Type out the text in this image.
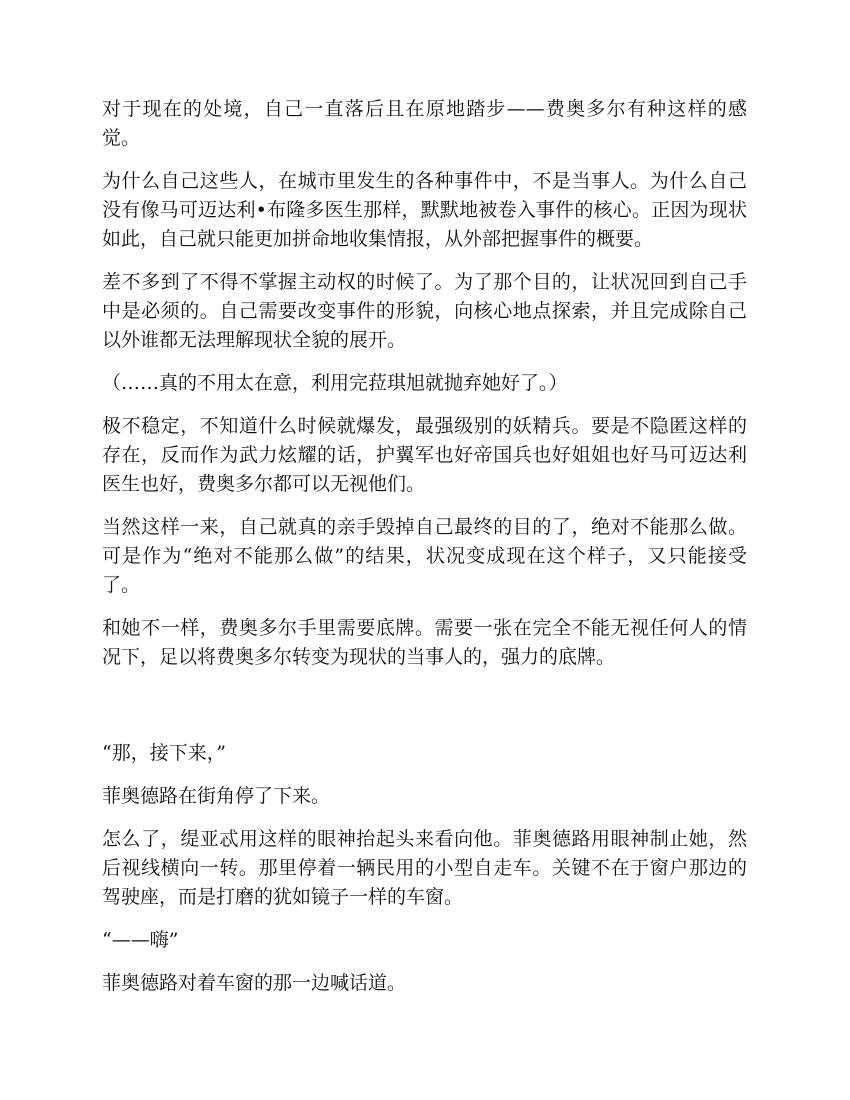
对于现在的处境，自己一直落后且在原地踏步——费奥多尔有种这样的感觉。

为什么自己这些人，在城市里发生的各种事件中，不是当事人。为什么自己没有像马可迈达利•布隆多医生那样，默默地被卷入事件的核心。正因为现状如此，自己就只能更加拼命地收集情报，从外部把握事件的概要。

差不多到了不得不掌握主动权的时候了。为了那个目的，让状况回到自己手中是必须的。自己需要改变事件的形貌，向核心地点探索，并且完成除自己以外谁都无法理解现状全貌的展开。

（……真的不用太在意，利用完菈琪旭就抛弃她好了。）

极不稳定，不知道什么时候就爆发，最强级别的妖精兵。要是不隐匿这样的存在，反而作为武力炫耀的话，护翼军也好帝国兵也好姐姐也好马可迈达利医生也好，费奥多尔都可以无视他们。

当然这样一来，自己就真的亲手毁掉自己最终的目的了，绝对不能那么做。可是作为“绝对不能那么做”的结果，状况变成现在这个样子，又只能接受了。

和她不一样，费奥多尔手里需要底牌。需要一张在完全不能无视任何人的情况下，足以将费奥多尔转变为现状的当事人的，强力的底牌。

“那，接下来，”

菲奥德路在街角停了下来。

怎么了，缇亚忒用这样的眼神抬起头来看向他。菲奥德路用眼神制止她，然后视线横向一转。那里停着一辆民用的小型自走车。关键不在于窗户那边的驾驶座，而是打磨的犹如镜子一样的车窗。

“——嗨”

菲奥德路对着车窗的那一边喊话道。
